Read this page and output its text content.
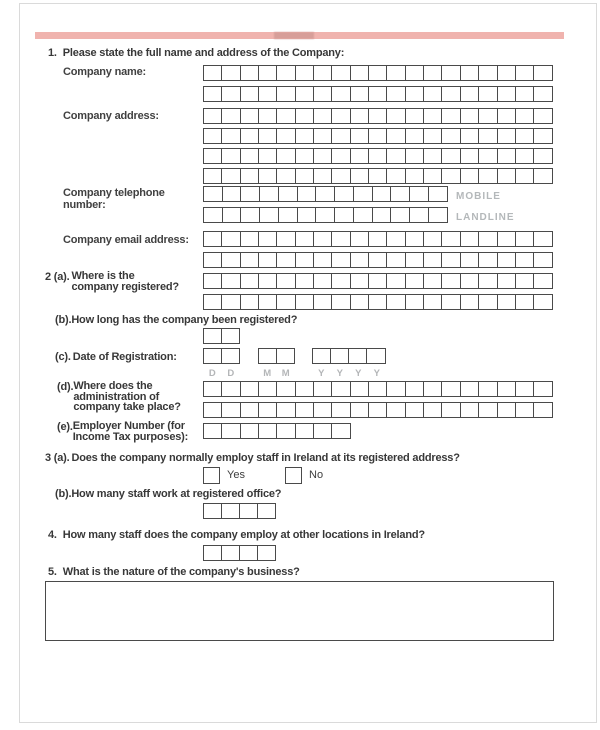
1. Please state the full name and address of the Company:
Company name:
Company address:
Company telephone
number:
MOBILE
LANDLINE
Company email address:
2 (a). Where is the
company registered?
(b). How long has the company been registered?
(c). Date of Registration:
D	D	M	M	Y	Y	Y	Y
(d). Where does the
administration of
company take place?
(e). Employer Number (for
Income Tax purposes):
3 (a). Does the company normally employ staff in Ireland at its registered address?
Yes	No
(b). How many staff work at registered office?
4. How many staff does the company employ at other locations in Ireland?
5. What is the nature of the company's business?
